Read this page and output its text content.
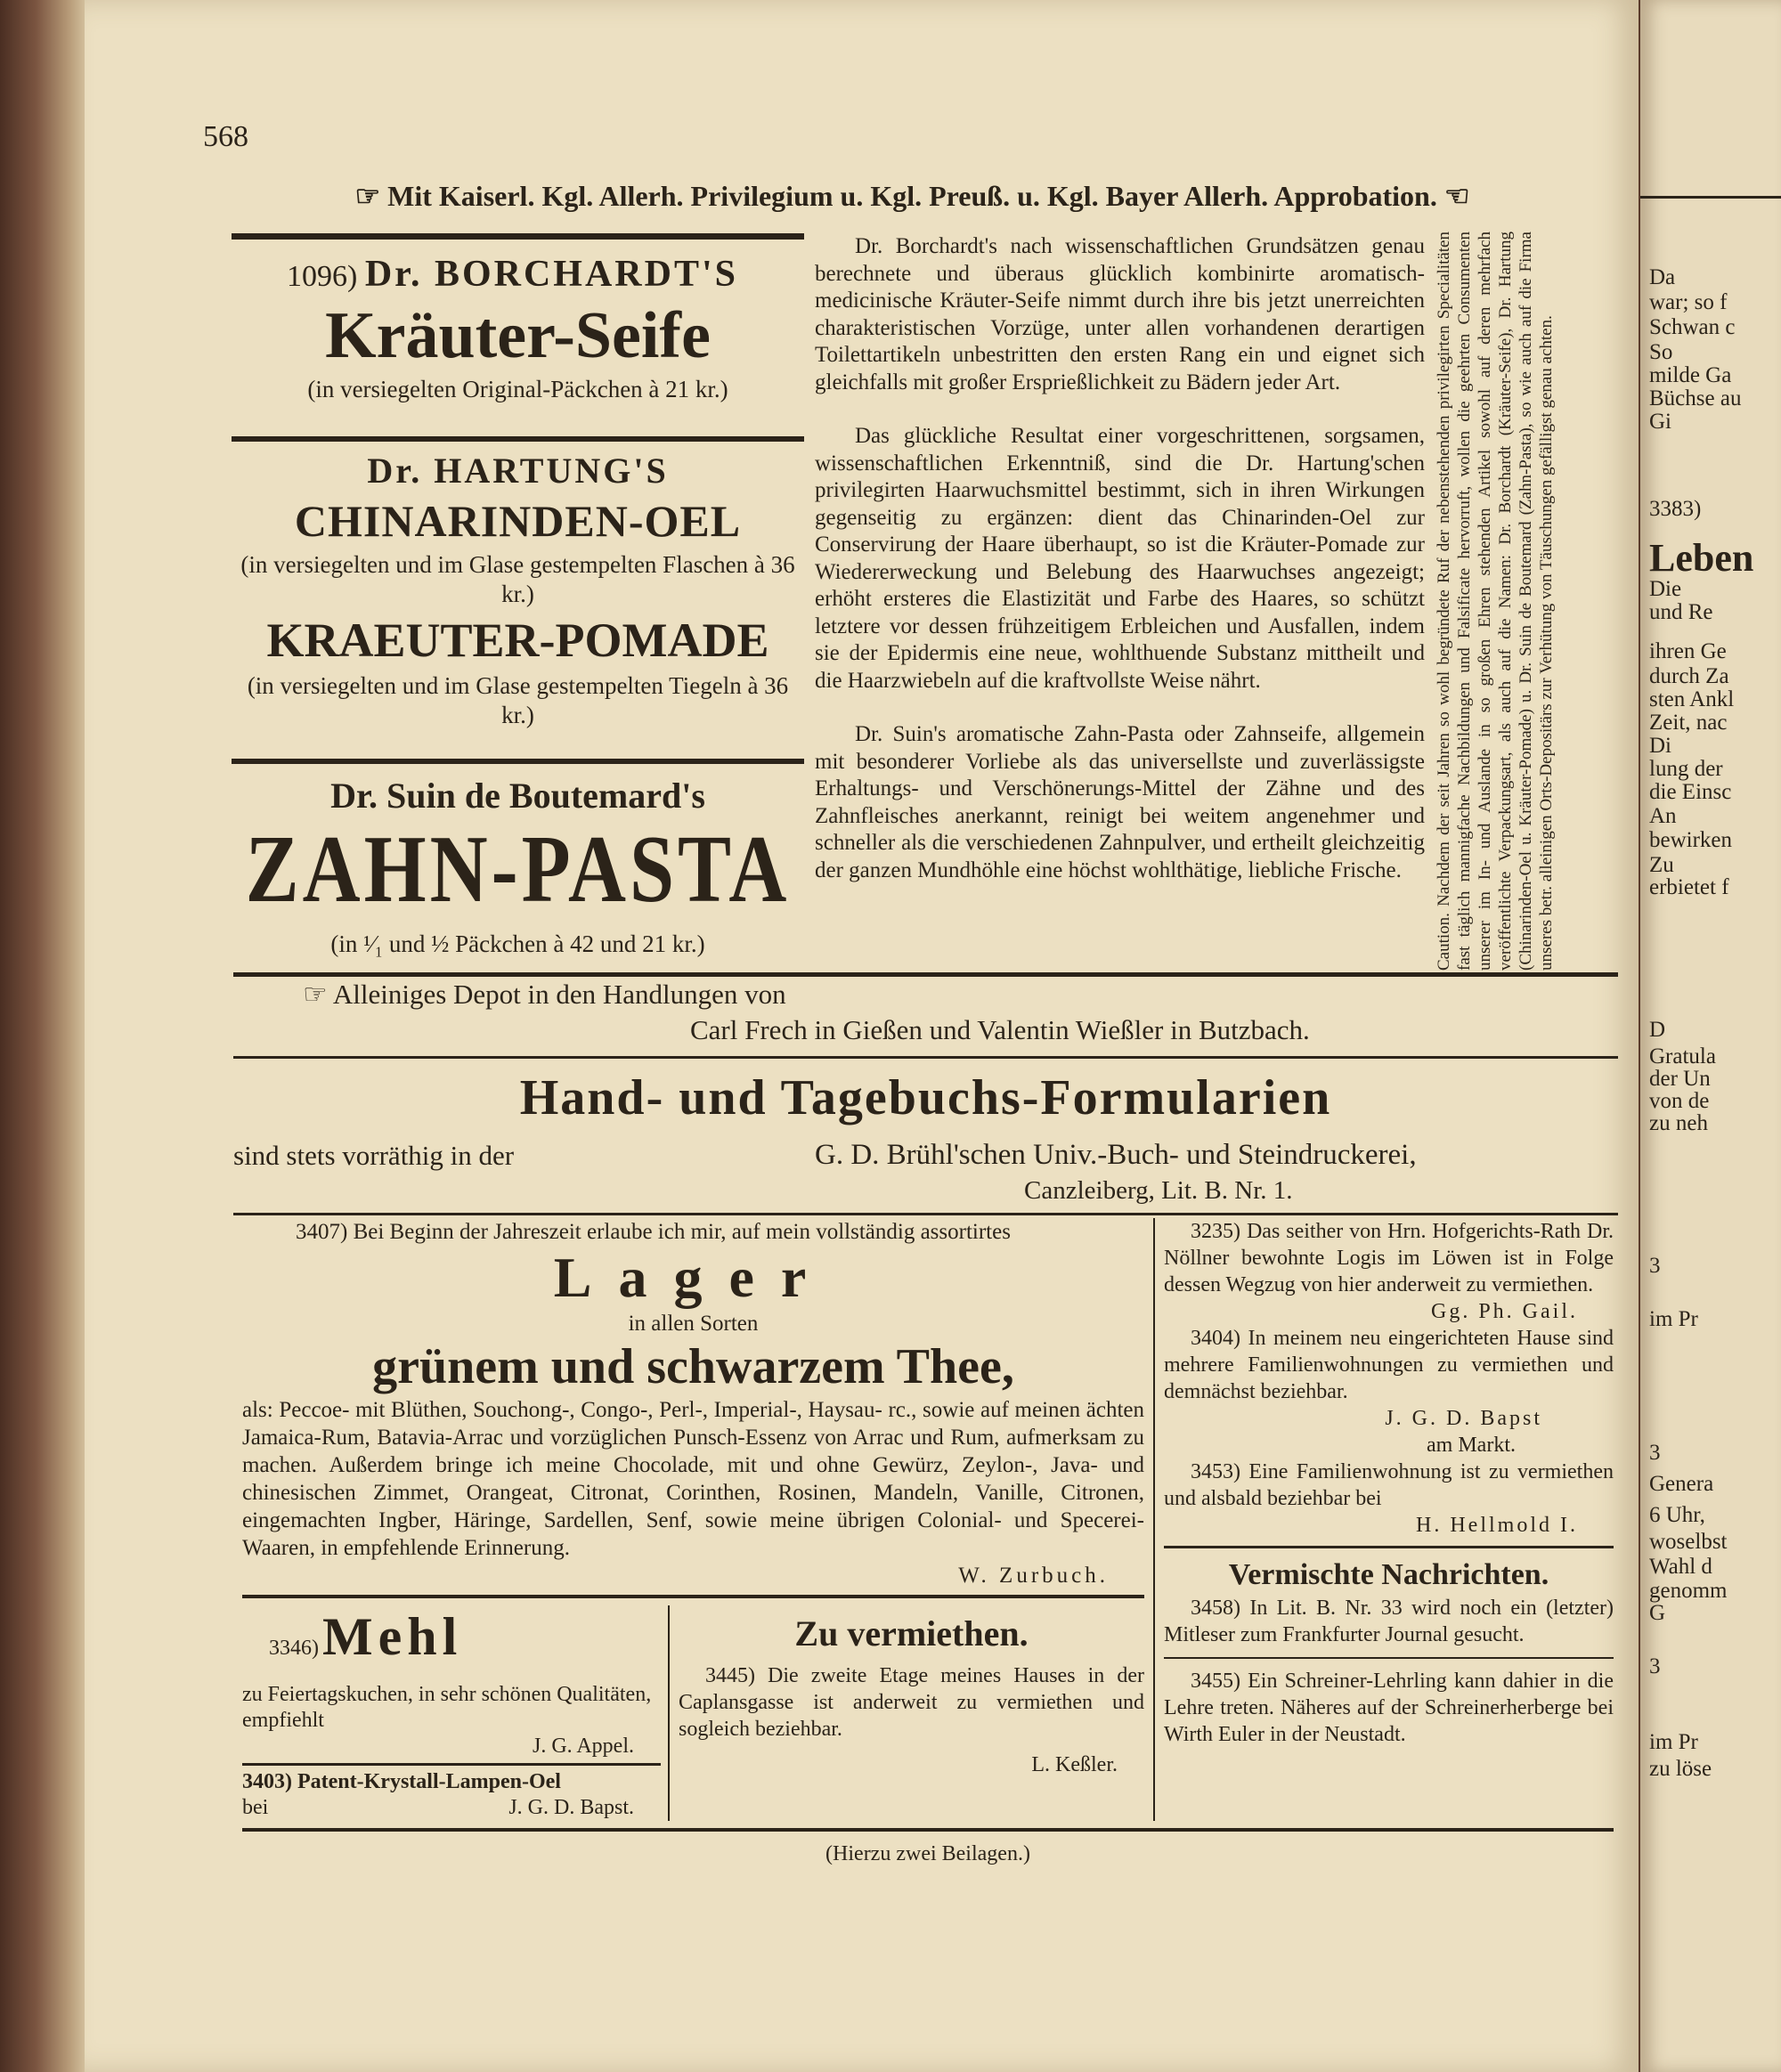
568
☞ Mit Kaiserl. Kgl. Allerh. Privilegium u. Kgl. Preuß. u. Kgl. Bayer Allerh. Approbation. ☜
1096) Dr. BORCHARDT'S
Kräuter-Seife
(in versiegelten Original-Päckchen à 21 kr.)
Dr. HARTUNG'S
CHINARINDEN-OEL
(in versiegelten und im Glase gestempelten Flaschen à 36 kr.)
KRAEUTER-POMADE
(in versiegelten und im Glase gestempelten Tiegeln à 36 kr.)
Dr. Suin de Boutemard's
ZAHN-PASTA
(in ¹⁄₁ und ½ Päckchen à 42 und 21 kr.)

Dr. Borchardt's nach wissenschaftlichen Grundsätzen genau berechnete und überaus glücklich kombinirte aromatisch-medicinische Kräuter-Seife nimmt durch ihre bis jetzt unerreichten charakteristischen Vorzüge, unter allen vorhandenen derartigen Toilettartikeln unbestritten den ersten Rang ein und eignet sich gleichfalls mit großer Ersprießlichkeit zu Bädern jeder Art.

Das glückliche Resultat einer vorgeschrittenen, sorgsamen, wissenschaftlichen Erkenntniß, sind die Dr. Hartung'schen privilegirten Haarwuchsmittel bestimmt, sich in ihren Wirkungen gegenseitig zu ergänzen: dient das Chinarinden-Oel zur Conservirung der Haare überhaupt, so ist die Kräuter-Pomade zur Wiedererweckung und Belebung des Haarwuchses angezeigt; erhöht ersteres die Elastizität und Farbe des Haares, so schützt letztere vor dessen frühzeitigem Erbleichen und Ausfallen, indem sie der Epidermis eine neue, wohlthuende Substanz mittheilt und die Haarzwiebeln auf die kraftvollste Weise nährt.

Dr. Suin's aromatische Zahn-Pasta oder Zahnseife, allgemein mit besonderer Vorliebe als das universellste und zuverlässigste Erhaltungs- und Verschönerungs-Mittel der Zähne und des Zahnfleisches anerkannt, reinigt bei weitem angenehmer und schneller als die verschiedenen Zahnpulver, und ertheilt gleichzeitig der ganzen Mundhöhle eine höchst wohlthätige, liebliche Frische.	Caution. Nachdem der seit Jahren so wohl begründete Ruf der nebenstehenden privilegirten Specialitäten fast täglich mannigfache Nachbildungen und Falsificate hervorruft, wollen die geehrten Consumenten unserer im In- und Auslande in so großen Ehren stehenden Artikel sowohl auf deren mehrfach veröffentlichte Verpackungsart, als auch auf die Namen: Dr. Borchardt (Kräuter-Seife), Dr. Hartung (Chinarinden-Oel u. Kräuter-Pomade) u. Dr. Suin de Boutemard (Zahn-Pasta), so wie auch auf die Firma unseres betr. alleinigen Orts-Depositärs zur Verhütung von Täuschungen gefälligst genau achten.
☞ Alleiniges Depot in den Handlungen von
Carl Frech in Gießen und Valentin Wießler in Butzbach.
Hand- und Tagebuchs-Formularien
sind stets vorräthig in der	G. D. Brühl'schen Univ.-Buch- und Steindruckerei,
Canzleiberg, Lit. B. Nr. 1.
3407) Bei Beginn der Jahreszeit erlaube ich mir, auf mein vollständig assortirtes
Lager
in allen Sorten
grünem und schwarzem Thee,
als: Peccoe- mit Blüthen, Souchong-, Congo-, Perl-, Imperial-, Haysau- rc., sowie auf meinen ächten Jamaica-Rum, Batavia-Arrac und vorzüglichen Punsch-Essenz von Arrac und Rum, aufmerksam zu machen. Außerdem bringe ich meine Chocolade, mit und ohne Gewürz, Zeylon-, Java- und chinesischen Zimmet, Orangeat, Citronat, Corinthen, Rosinen, Mandeln, Vanille, Citronen, eingemachten Ingber, Häringe, Sardellen, Senf, sowie meine übrigen Colonial- und Specerei-Waaren, in empfehlende Erinnerung.
W. Zurbuch.
3346) Mehl
zu Feiertagskuchen, in sehr schönen Qualitäten, empfiehlt
J. G. Appel.
3403) Patent-Krystall-Lampen-Oel
bei	J. G. D. Bapst.
Zu vermiethen.
3445) Die zweite Etage meines Hauses in der Caplansgasse ist anderweit zu vermiethen und sogleich beziehbar.
L. Keßler.
3235) Das seither von Hrn. Hofgerichts-Rath Dr. Nöllner bewohnte Logis im Löwen ist in Folge dessen Wegzug von hier anderweit zu vermiethen.
Gg. Ph. Gail.
3404) In meinem neu eingerichteten Hause sind mehrere Familienwohnungen zu vermiethen und demnächst beziehbar.
J. G. D. Bapst
am Markt.
3453) Eine Familienwohnung ist zu vermiethen und alsbald beziehbar bei
H. Hellmold I.
Vermischte Nachrichten.
3458) In Lit. B. Nr. 33 wird noch ein (letzter) Mitleser zum Frankfurter Journal gesucht.
3455) Ein Schreiner-Lehrling kann dahier in die Lehre treten. Näheres auf der Schreinerherberge bei Wirth Euler in der Neustadt.
(Hierzu zwei Beilagen.)
Da
war; so f
Schwan c
So
milde Ga
Büchse au
Gi
3383)
Leben
Die
und Re
ihren Ge
durch Za
sten Ankl
Zeit, nac
Di
lung der
die Einsc
An
bewirken
Zu
erbietet f
D
Gratula
der Un
von de
zu neh
3
im Pr
3
Genera
6 Uhr,
woselbst
Wahl d
genomm
G
3
im Pr
zu löse
